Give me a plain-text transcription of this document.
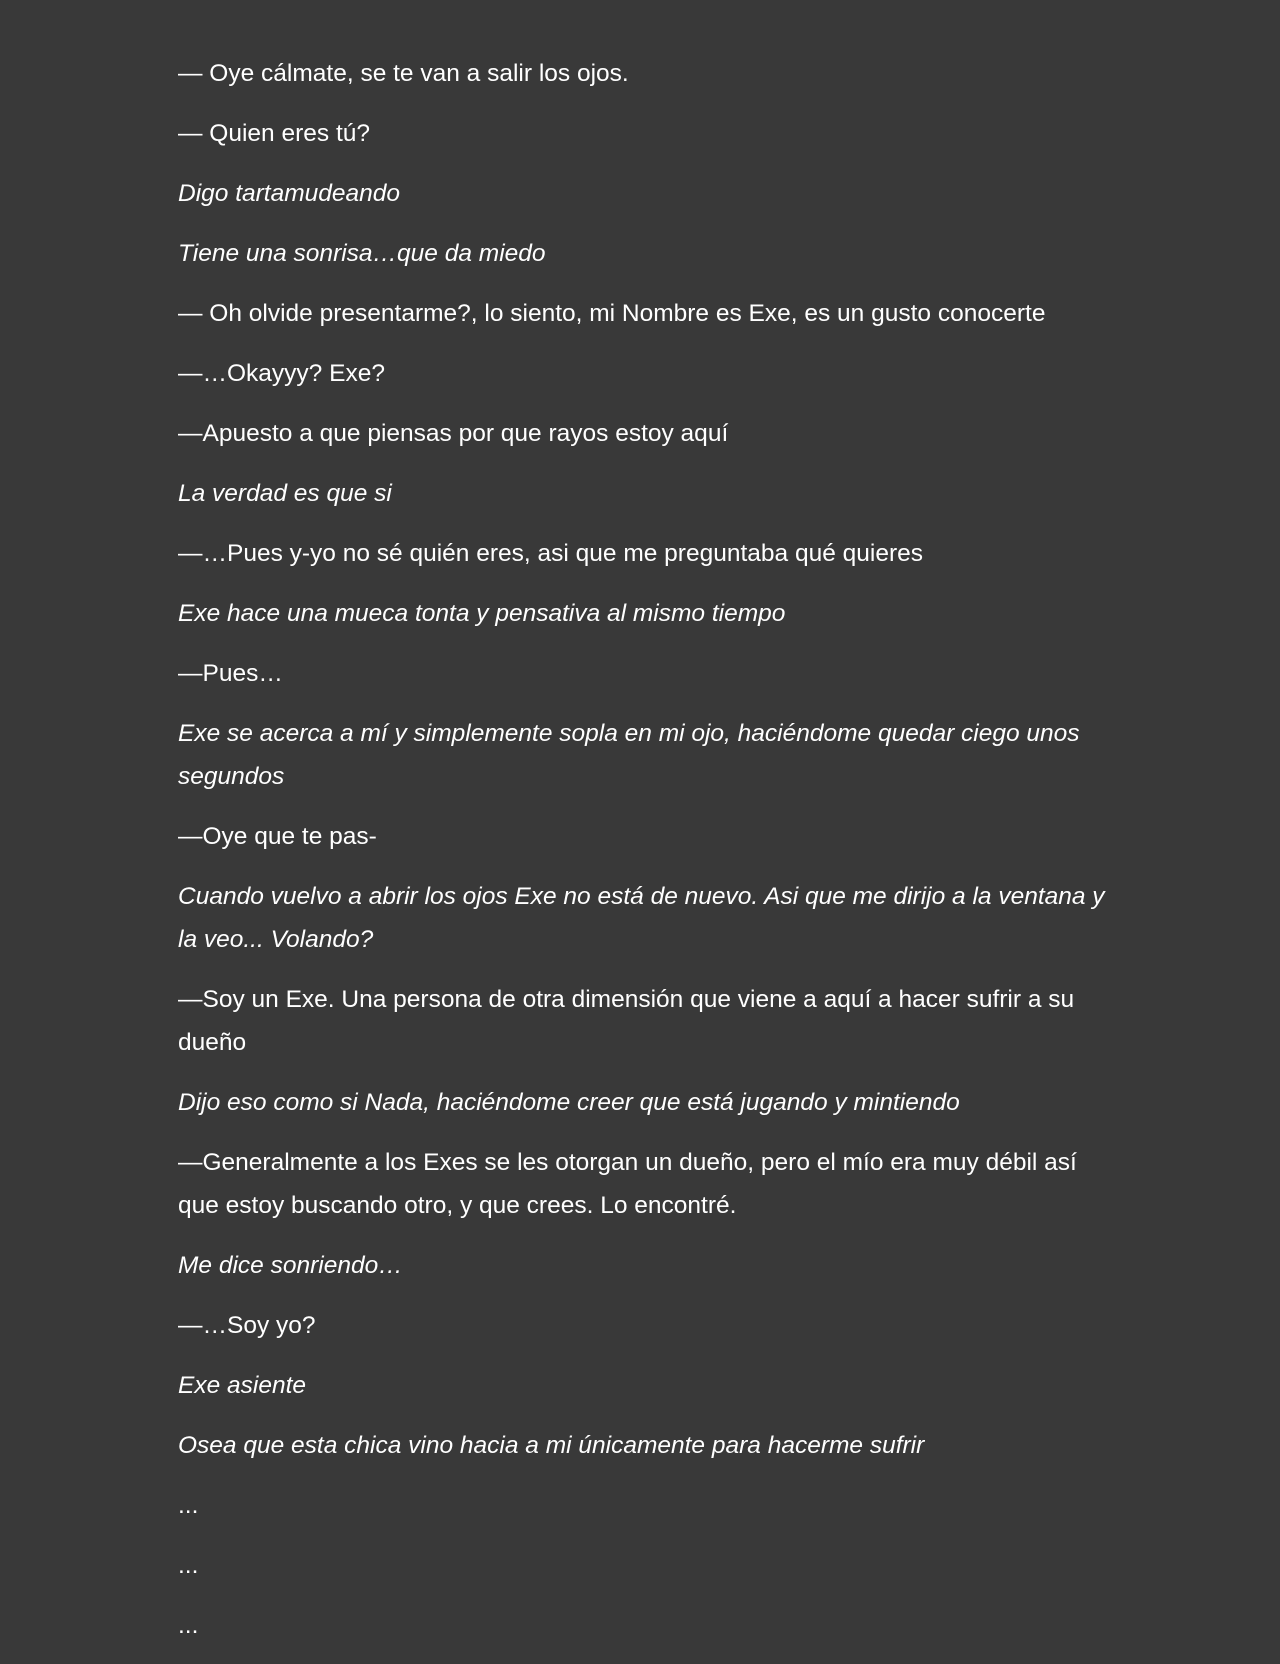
— Oye cálmate, se te van a salir los ojos.

— Quien eres tú?

Digo tartamudeando

Tiene una sonrisa…que da miedo

— Oh olvide presentarme?, lo siento, mi Nombre es Exe, es un gusto conocerte

—…Okayyy? Exe?

—Apuesto a que piensas por que rayos estoy aquí

La verdad es que si

—…Pues y-yo no sé quién eres, asi que me preguntaba qué quieres

Exe hace una mueca tonta y pensativa al mismo tiempo

—Pues…

Exe se acerca a mí y simplemente sopla en mi ojo, haciéndome quedar ciego unos segundos

—Oye que te pas-

Cuando vuelvo a abrir los ojos Exe no está de nuevo. Asi que me dirijo a la ventana y la veo... Volando?

—Soy un Exe. Una persona de otra dimensión que viene a aquí a hacer sufrir a su dueño

Dijo eso como si Nada, haciéndome creer que está jugando y mintiendo

—Generalmente a los Exes se les otorgan un dueño, pero el mío era muy débil así que estoy buscando otro, y que crees. Lo encontré.

Me dice sonriendo…

—…Soy yo?

Exe asiente

Osea que esta chica vino hacia a mi únicamente para hacerme sufrir

...

...

...
